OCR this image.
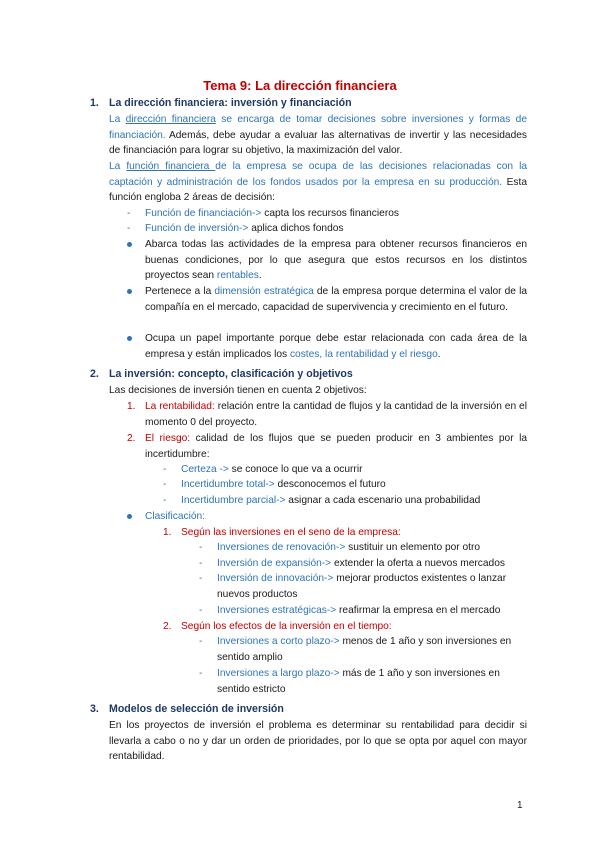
Tema 9: La dirección financiera
1. La dirección financiera: inversión y financiación
La dirección financiera se encarga de tomar decisiones sobre inversiones y formas de financiación. Además, debe ayudar a evaluar las alternativas de invertir y las necesidades de financiación para lograr su objetivo, la maximización del valor.
La función financiera de la empresa se ocupa de las decisiones relacionadas con la captación y administración de los fondos usados por la empresa en su producción. Esta función engloba 2 áreas de decisión:
- Función de financiación-> capta los recursos financieros
- Función de inversión-> aplica dichos fondos
Abarca todas las actividades de la empresa para obtener recursos financieros en buenas condiciones, por lo que asegura que estos recursos en los distintos proyectos sean rentables.
Pertenece a la dimensión estratégica de la empresa porque determina el valor de la compañía en el mercado, capacidad de supervivencia y crecimiento en el futuro.
Ocupa un papel importante porque debe estar relacionada con cada área de la empresa y están implicados los costes, la rentabilidad y el riesgo.
2. La inversión: concepto, clasificación y objetivos
Las decisiones de inversión tienen en cuenta 2 objetivos:
1. La rentabilidad: relación entre la cantidad de flujos y la cantidad de la inversión en el momento 0 del proyecto.
2. El riesgo: calidad de los flujos que se pueden producir en 3 ambientes por la incertidumbre:
- Certeza -> se conoce lo que va a ocurrir
- Incertidumbre total-> desconocemos el futuro
- Incertidumbre parcial-> asignar a cada escenario una probabilidad
Clasificación:
1. Según las inversiones en el seno de la empresa:
- Inversiones de renovación-> sustituir un elemento por otro
- Inversión de expansión-> extender la oferta a nuevos mercados
- Inversión de innovación-> mejorar productos existentes o lanzar nuevos productos
- Inversiones estratégicas-> reafirmar la empresa en el mercado
2. Según los efectos de la inversión en el tiempo:
- Inversiones a corto plazo-> menos de 1 año y son inversiones en sentido amplio
- Inversiones a largo plazo-> más de 1 año y son inversiones en sentido estricto
3. Modelos de selección de inversión
En los proyectos de inversión el problema es determinar su rentabilidad para decidir si llevarla a cabo o no y dar un orden de prioridades, por lo que se opta por aquel con mayor rentabilidad.
1
